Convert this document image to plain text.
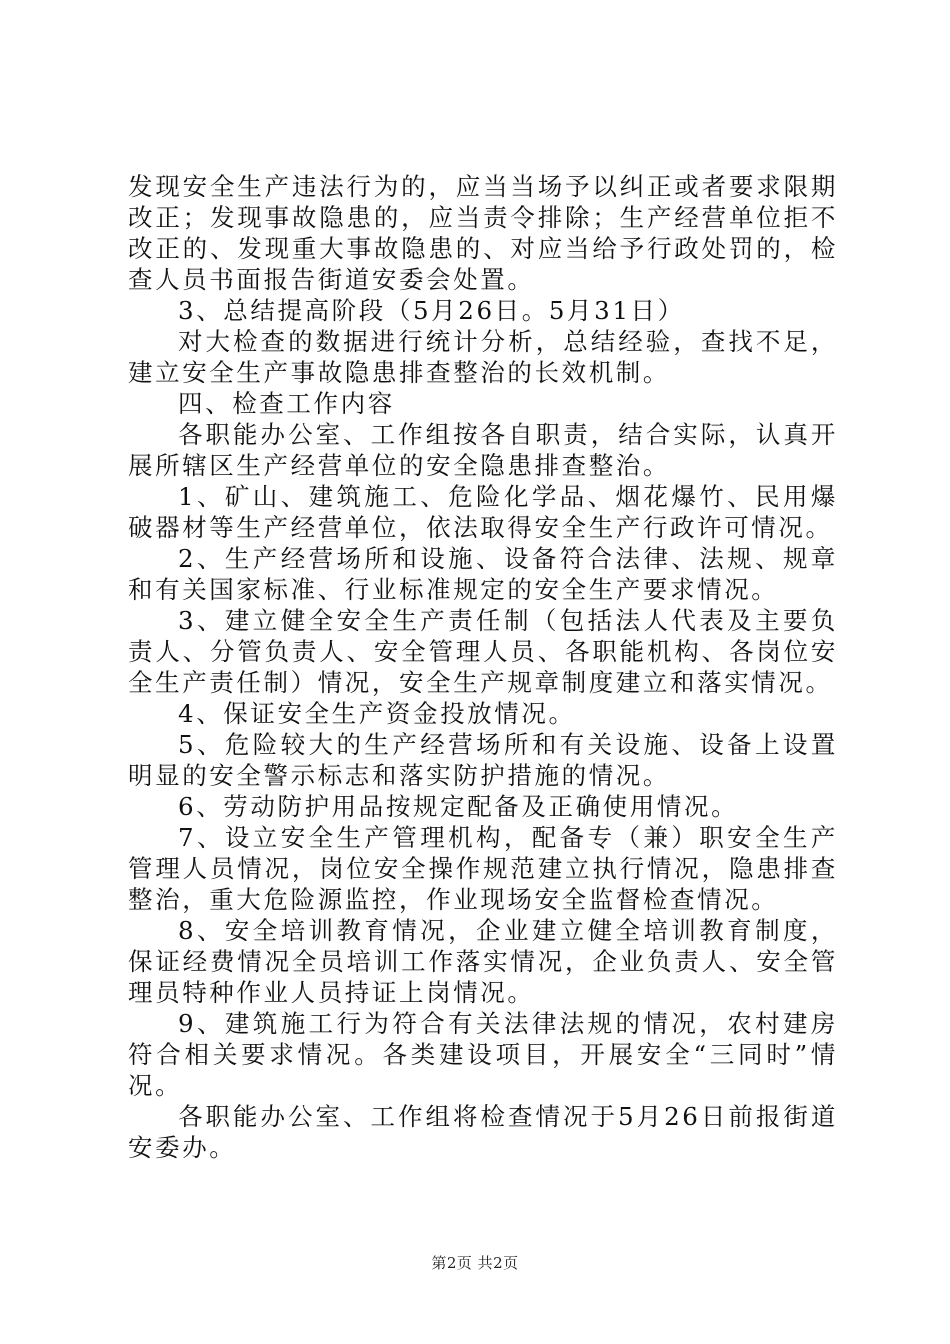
发现安全生产违法行为的，应当当场予以纠正或者要求限期改正；发现事故隐患的，应当责令排除；生产经营单位拒不改正的、发现重大事故隐患的、对应当给予行政处罚的，检查人员书面报告街道安委会处置。

3、总结提高阶段（5月26日。5月31日）

对大检查的数据进行统计分析，总结经验，查找不足，建立安全生产事故隐患排查整治的长效机制。

四、检查工作内容

各职能办公室、工作组按各自职责，结合实际，认真开展所辖区生产经营单位的安全隐患排查整治。

1、矿山、建筑施工、危险化学品、烟花爆竹、民用爆破器材等生产经营单位，依法取得安全生产行政许可情况。

2、生产经营场所和设施、设备符合法律、法规、规章和有关国家标准、行业标准规定的安全生产要求情况。

3、建立健全安全生产责任制（包括法人代表及主要负责人、分管负责人、安全管理人员、各职能机构、各岗位安全生产责任制）情况，安全生产规章制度建立和落实情况。

4、保证安全生产资金投放情况。

5、危险较大的生产经营场所和有关设施、设备上设置明显的安全警示标志和落实防护措施的情况。

6、劳动防护用品按规定配备及正确使用情况。

7、设立安全生产管理机构，配备专（兼）职安全生产管理人员情况，岗位安全操作规范建立执行情况，隐患排查整治，重大危险源监控，作业现场安全监督检查情况。

8、安全培训教育情况，企业建立健全培训教育制度，保证经费情况全员培训工作落实情况，企业负责人、安全管理员特种作业人员持证上岗情况。

9、建筑施工行为符合有关法律法规的情况，农村建房符合相关要求情况。各类建设项目，开展安全“三同时”情况。

各职能办公室、工作组将检查情况于5月26日前报街道安委办。

第2页 共2页
